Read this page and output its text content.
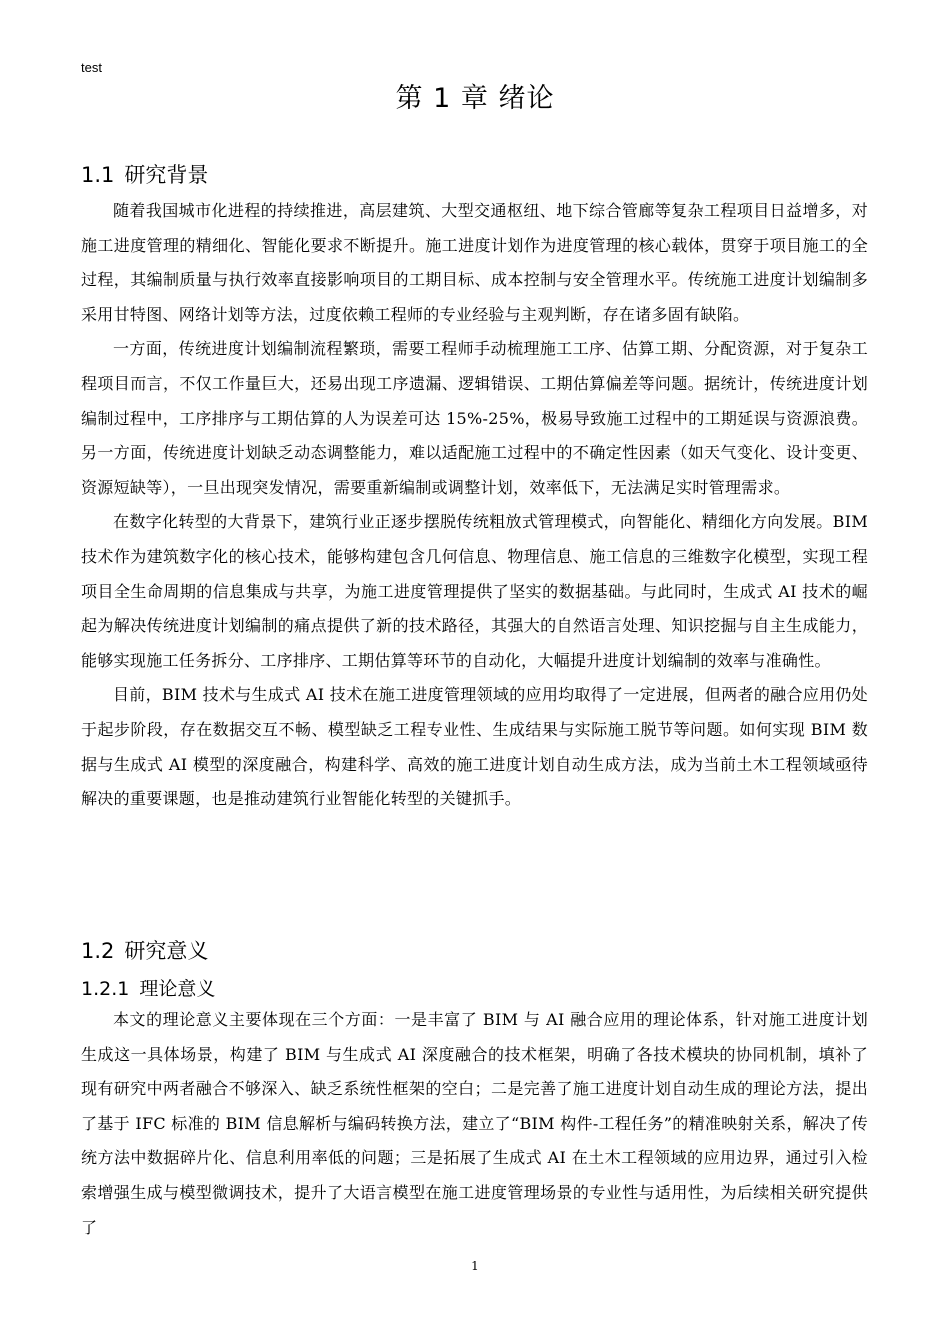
test
第 1 章 绪论
1.1 研究背景

随着我国城市化进程的持续推进，高层建筑、大型交通枢纽、地下综合管廊等复杂工程项目日益增多，对施工进度管理的精细化、智能化要求不断提升。施工进度计划作为进度管理的核心载体，贯穿于项目施工的全过程，其编制质量与执行效率直接影响项目的工期目标、成本控制与安全管理水平。传统施工进度计划编制多采用甘特图、网络计划等方法，过度依赖工程师的专业经验与主观判断，存在诸多固有缺陷。

一方面，传统进度计划编制流程繁琐，需要工程师手动梳理施工工序、估算工期、分配资源，对于复杂工程项目而言，不仅工作量巨大，还易出现工序遗漏、逻辑错误、工期估算偏差等问题。据统计，传统进度计划编制过程中，工序排序与工期估算的人为误差可达 15%-25%，极易导致施工过程中的工期延误与资源浪费。另一方面，传统进度计划缺乏动态调整能力，难以适配施工过程中的不确定性因素（如天气变化、设计变更、资源短缺等），一旦出现突发情况，需要重新编制或调整计划，效率低下，无法满足实时管理需求。

在数字化转型的大背景下，建筑行业正逐步摆脱传统粗放式管理模式，向智能化、精细化方向发展。BIM 技术作为建筑数字化的核心技术，能够构建包含几何信息、物理信息、施工信息的三维数字化模型，实现工程项目全生命周期的信息集成与共享，为施工进度管理提供了坚实的数据基础。与此同时，生成式 AI 技术的崛起为解决传统进度计划编制的痛点提供了新的技术路径，其强大的自然语言处理、知识挖掘与自主生成能力，能够实现施工任务拆分、工序排序、工期估算等环节的自动化，大幅提升进度计划编制的效率与准确性。

目前，BIM 技术与生成式 AI 技术在施工进度管理领域的应用均取得了一定进展，但两者的融合应用仍处于起步阶段，存在数据交互不畅、模型缺乏工程专业性、生成结果与实际施工脱节等问题。如何实现 BIM 数据与生成式 AI 模型的深度融合，构建科学、高效的施工进度计划自动生成方法，成为当前土木工程领域亟待解决的重要课题，也是推动建筑行业智能化转型的关键抓手。

1.2 研究意义
1.2.1 理论意义

本文的理论意义主要体现在三个方面：一是丰富了 BIM 与 AI 融合应用的理论体系，针对施工进度计划生成这一具体场景，构建了 BIM 与生成式 AI 深度融合的技术框架，明确了各技术模块的协同机制，填补了现有研究中两者融合不够深入、缺乏系统性框架的空白；二是完善了施工进度计划自动生成的理论方法，提出了基于 IFC 标准的 BIM 信息解析与编码转换方法，建立了“BIM 构件-工程任务”的精准映射关系，解决了传统方法中数据碎片化、信息利用率低的问题；三是拓展了生成式 AI 在土木工程领域的应用边界，通过引入检索增强生成与模型微调技术，提升了大语言模型在施工进度管理场景的专业性与适用性，为后续相关研究提供了

1
